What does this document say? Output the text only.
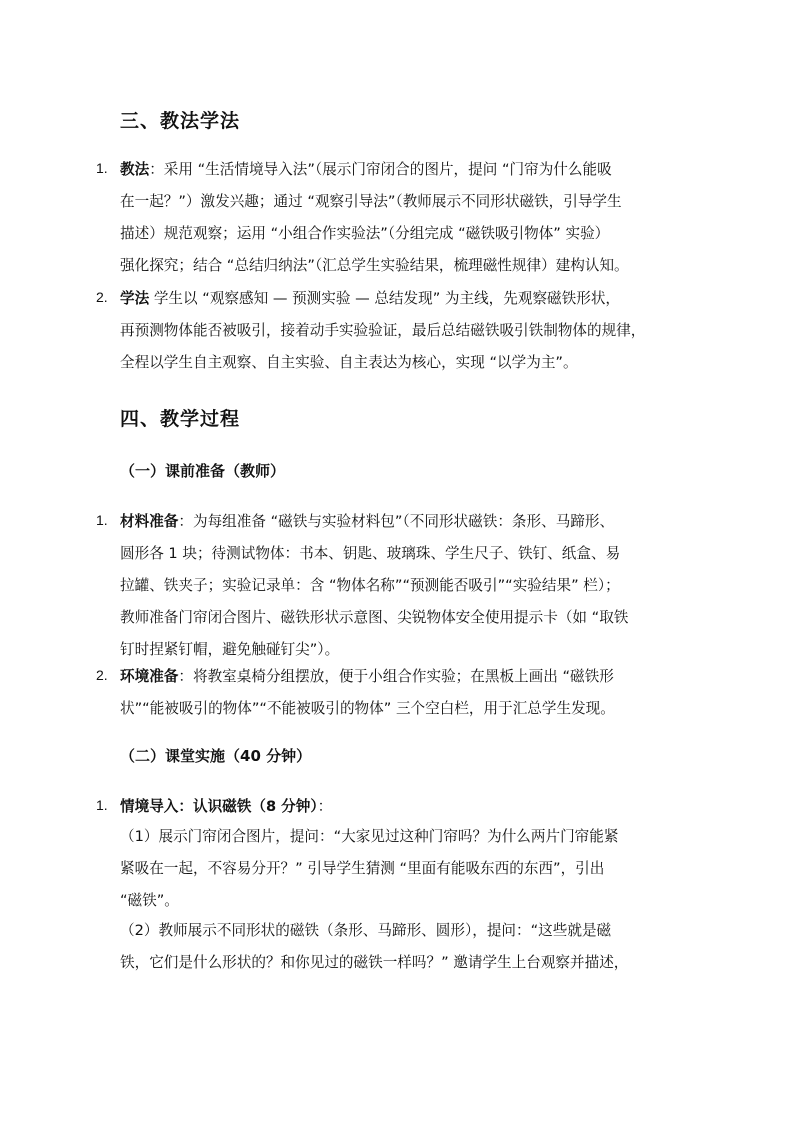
三、教法学法
1. 教法：采用 “生活情境导入法”（展示门帘闭合的图片，提问 “门帘为什么能吸
在一起？”）激发兴趣；通过 “观察引导法”（教师展示不同形状磁铁，引导学生
描述）规范观察；运用 “小组合作实验法”（分组完成 “磁铁吸引物体” 实验）
强化探究；结合 “总结归纳法”（汇总学生实验结果，梳理磁性规律）建构认知。
2. 学法 学生以 “观察感知 — 预测实验 — 总结发现” 为主线，先观察磁铁形状，
再预测物体能否被吸引，接着动手实验验证，最后总结磁铁吸引铁制物体的规律，
全程以学生自主观察、自主实验、自主表达为核心，实现 “以学为主”。
四、教学过程
（一）课前准备（教师）
1. 材料准备：为每组准备 “磁铁与实验材料包”（不同形状磁铁：条形、马蹄形、
圆形各 1 块；待测试物体：书本、钥匙、玻璃珠、学生尺子、铁钉、纸盒、易
拉罐、铁夹子；实验记录单：含 “物体名称”“预测能否吸引”“实验结果” 栏）；
教师准备门帘闭合图片、磁铁形状示意图、尖锐物体安全使用提示卡（如 “取铁
钉时捏紧钉帽，避免触碰钉尖”）。
2. 环境准备：将教室桌椅分组摆放，便于小组合作实验；在黑板上画出 “磁铁形
状”“能被吸引的物体”“不能被吸引的物体” 三个空白栏，用于汇总学生发现。
（二）课堂实施（40 分钟）
1. 情境导入：认识磁铁（8 分钟）：
（1）展示门帘闭合图片，提问：“大家见过这种门帘吗？为什么两片门帘能紧
紧吸在一起，不容易分开？” 引导学生猜测 “里面有能吸东西的东西”，引出
“磁铁”。
（2）教师展示不同形状的磁铁（条形、马蹄形、圆形），提问：“这些就是磁
铁，它们是什么形状的？和你见过的磁铁一样吗？” 邀请学生上台观察并描述，
